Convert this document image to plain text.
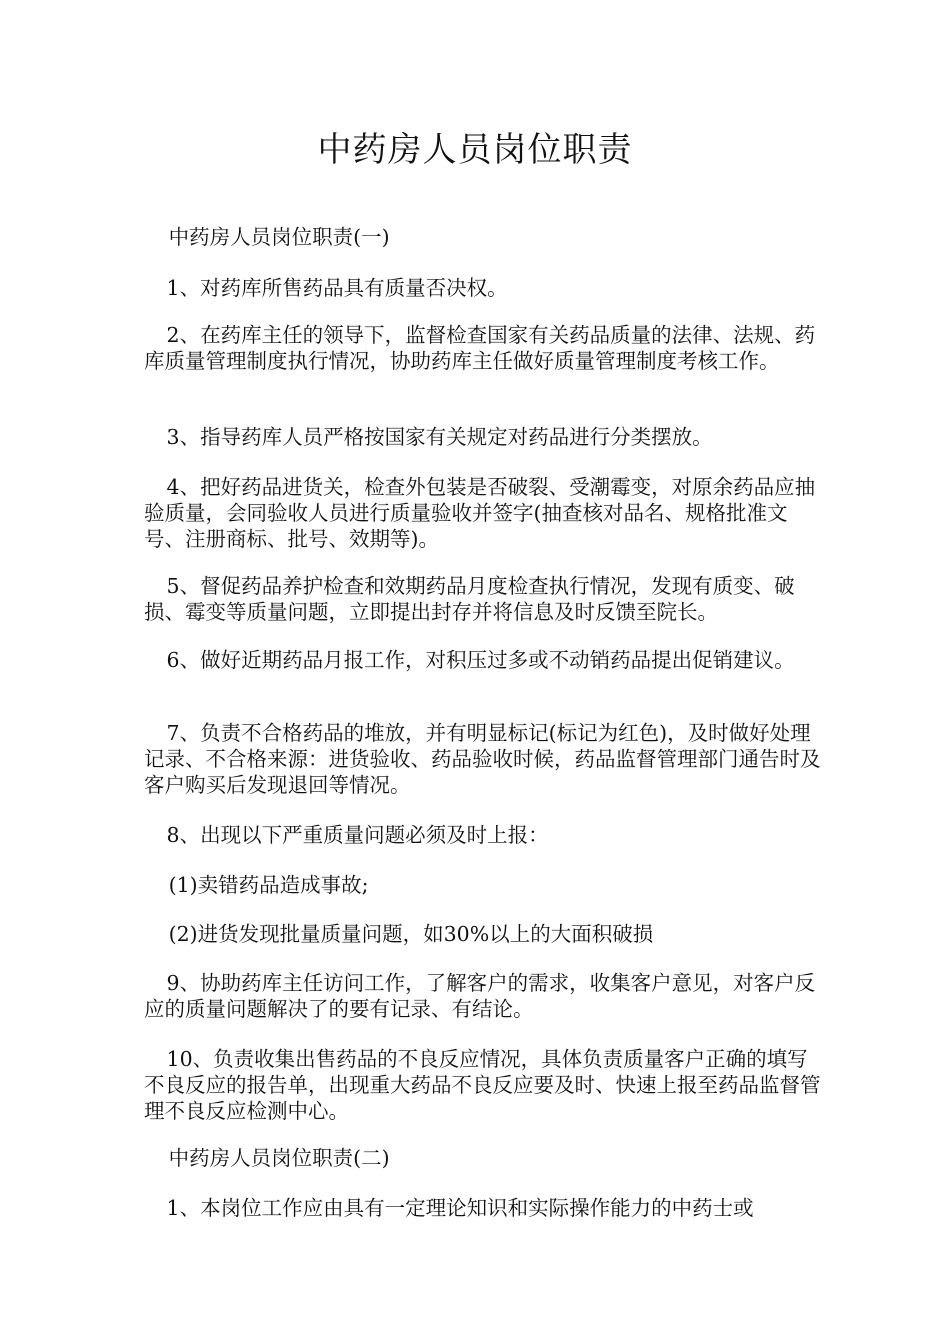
中药房人员岗位职责

中药房人员岗位职责(一)

1、对药库所售药品具有质量否决权。

2、在药库主任的领导下，监督检查国家有关药品质量的法律、法规、药库质量管理制度执行情况，协助药库主任做好质量管理制度考核工作。

3、指导药库人员严格按国家有关规定对药品进行分类摆放。

4、把好药品进货关，检查外包装是否破裂、受潮霉变，对原余药品应抽验质量，会同验收人员进行质量验收并签字(抽查核对品名、规格批准文号、注册商标、批号、效期等)。

5、督促药品养护检查和效期药品月度检查执行情况，发现有质变、破损、霉变等质量问题，立即提出封存并将信息及时反馈至院长。

6、做好近期药品月报工作，对积压过多或不动销药品提出促销建议。

7、负责不合格药品的堆放，并有明显标记(标记为红色)，及时做好处理记录、不合格来源：进货验收、药品验收时候，药品监督管理部门通告时及客户购买后发现退回等情况。

8、出现以下严重质量问题必须及时上报：

(1)卖错药品造成事故;

(2)进货发现批量质量问题，如30%以上的大面积破损

9、协助药库主任访问工作，了解客户的需求，收集客户意见，对客户反应的质量问题解决了的要有记录、有结论。

10、负责收集出售药品的不良反应情况，具体负责质量客户正确的填写不良反应的报告单，出现重大药品不良反应要及时、快速上报至药品监督管理不良反应检测中心。

中药房人员岗位职责(二)

1、本岗位工作应由具有一定理论知识和实际操作能力的中药士或
